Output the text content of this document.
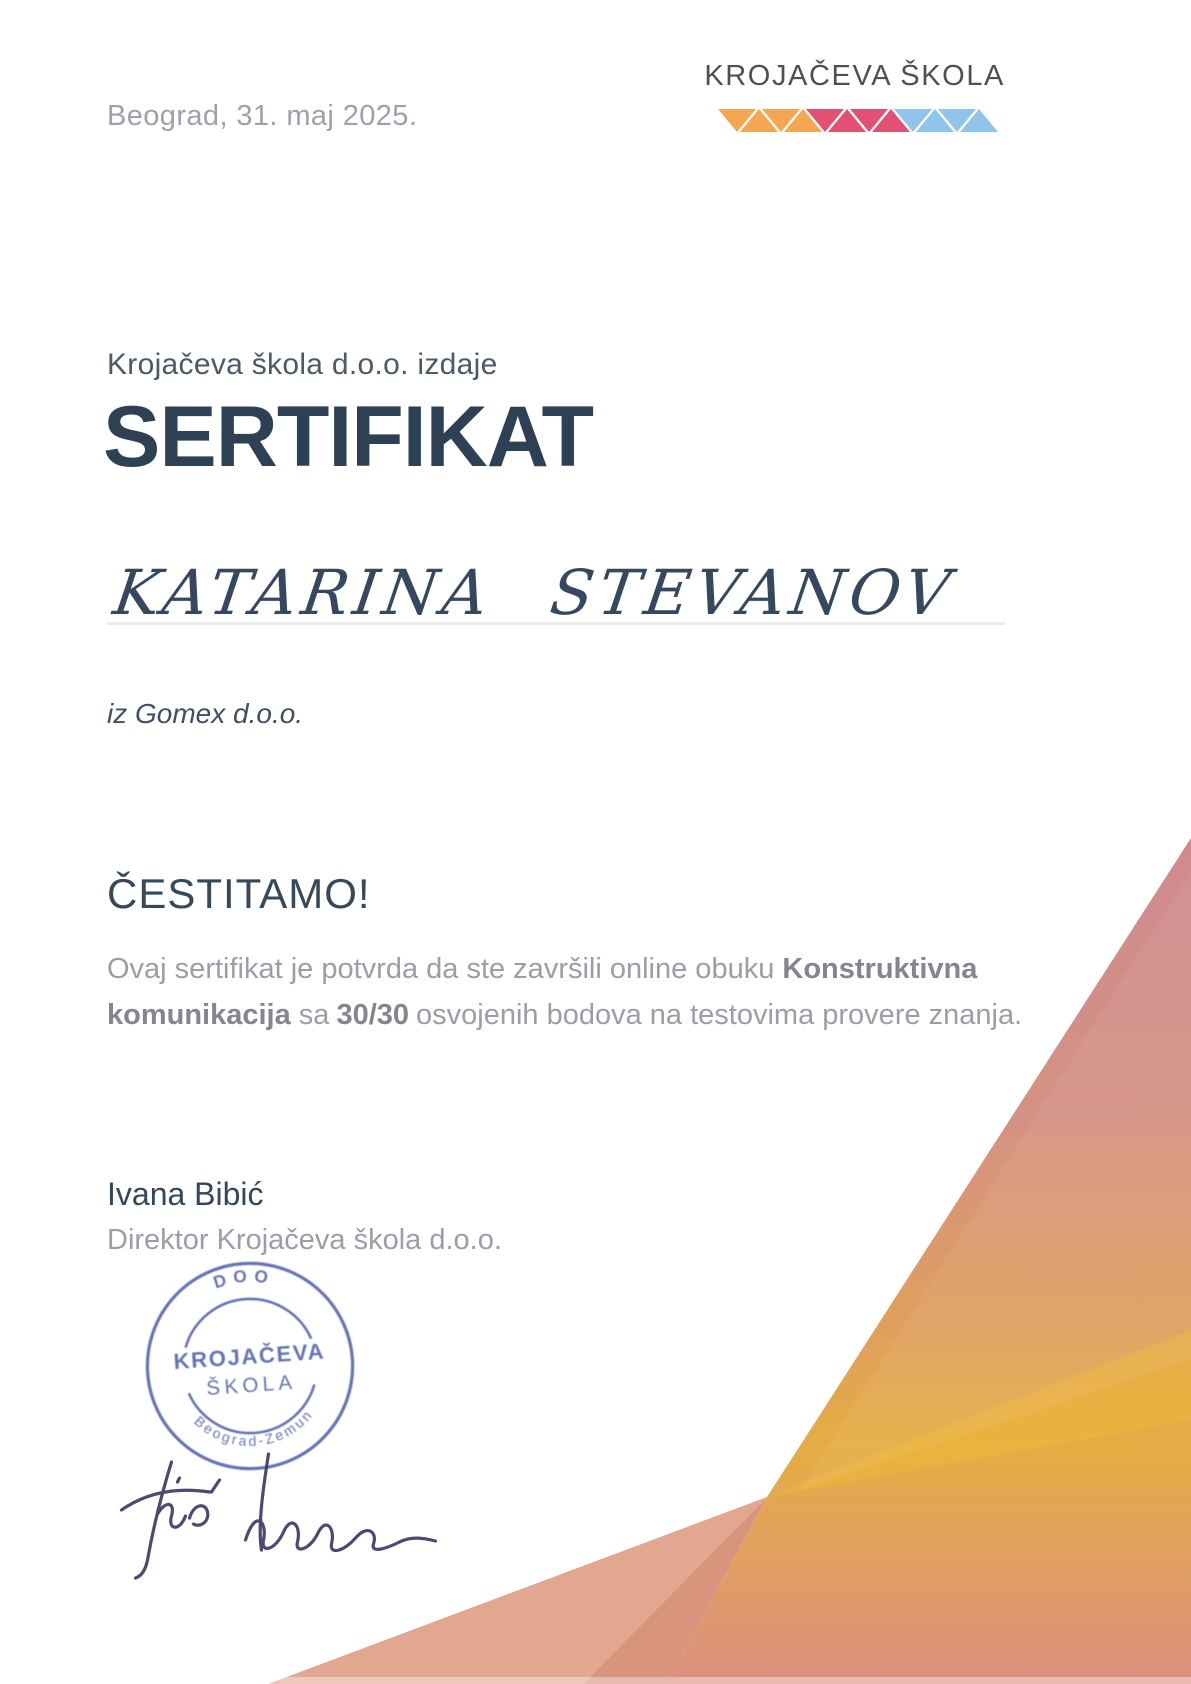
Beograd, 31. maj 2025.
KROJAČEVA ŠKOLA
Krojačeva škola d.o.o. izdaje
SERTIFIKAT
KATARINA STEVANOV
iz Gomex d.o.o.
ČESTITAMO!
Ovaj sertifikat je potvrda da ste završili online obuku Konstruktivna komunikacija sa 30/30 osvojenih bodova na testovima provere znanja.
Ivana Bibić
Direktor Krojačeva škola d.o.o.
DOO
KROJAČEVA
ŠKOLA
Beograd-Zemun
